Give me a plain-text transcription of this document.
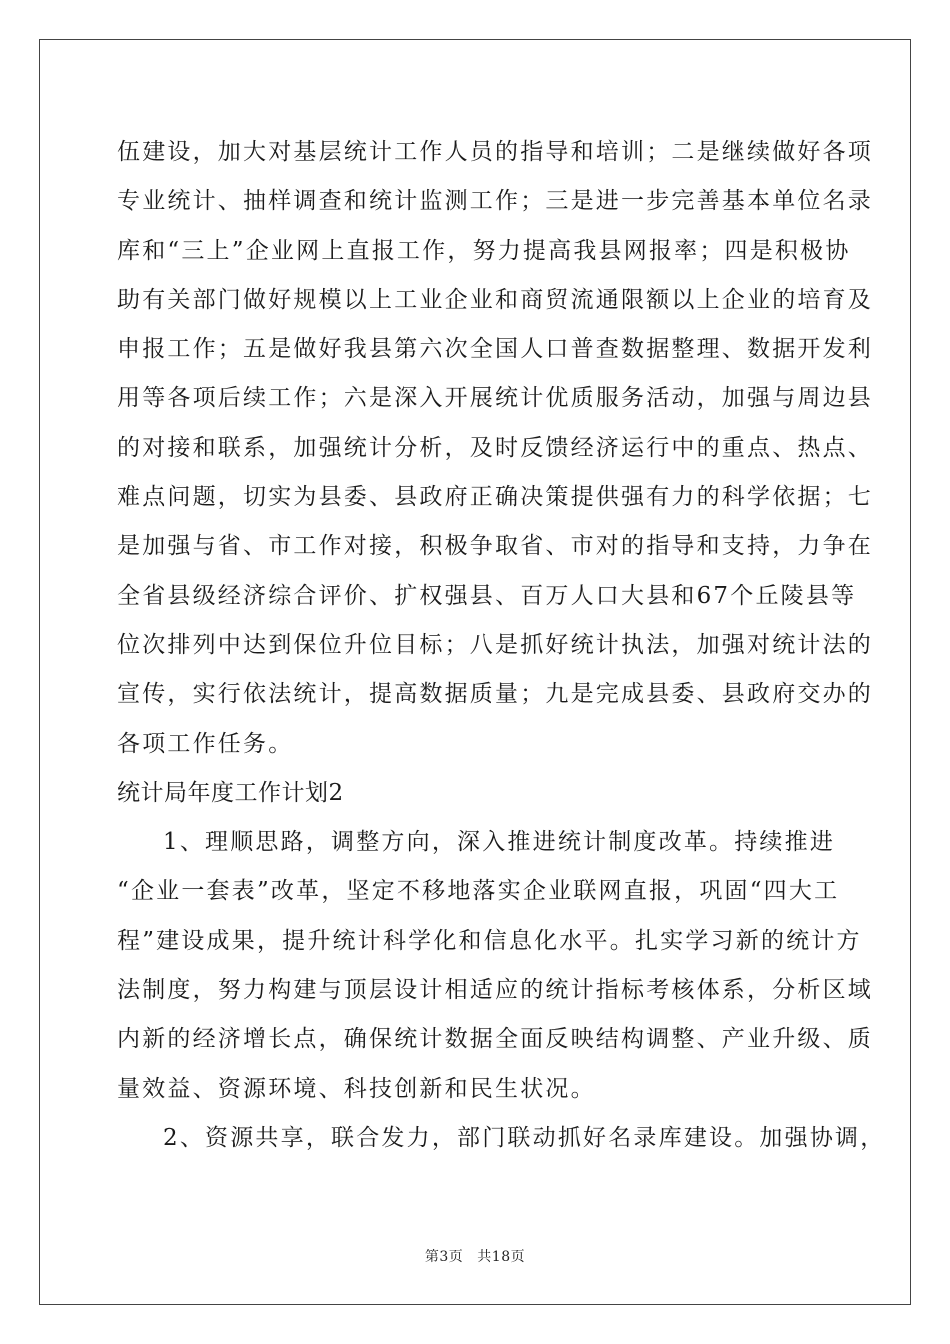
伍建设，加大对基层统计工作人员的指导和培训；二是继续做好各项
专业统计、抽样调查和统计监测工作；三是进一步完善基本单位名录
库和“三上”企业网上直报工作，努力提高我县网报率；四是积极协
助有关部门做好规模以上工业企业和商贸流通限额以上企业的培育及
申报工作；五是做好我县第六次全国人口普查数据整理、数据开发利
用等各项后续工作；六是深入开展统计优质服务活动，加强与周边县
的对接和联系，加强统计分析，及时反馈经济运行中的重点、热点、
难点问题，切实为县委、县政府正确决策提供强有力的科学依据；七
是加强与省、市工作对接，积极争取省、市对的指导和支持，力争在
全省县级经济综合评价、扩权强县、百万人口大县和67个丘陵县等
位次排列中达到保位升位目标；八是抓好统计执法，加强对统计法的
宣传，实行依法统计，提高数据质量；九是完成县委、县政府交办的
各项工作任务。
统计局年度工作计划2
1、理顺思路，调整方向，深入推进统计制度改革。持续推进
“企业一套表”改革，坚定不移地落实企业联网直报，巩固“四大工
程”建设成果，提升统计科学化和信息化水平。扎实学习新的统计方
法制度，努力构建与顶层设计相适应的统计指标考核体系，分析区域
内新的经济增长点，确保统计数据全面反映结构调整、产业升级、质
量效益、资源环境、科技创新和民生状况。
2、资源共享，联合发力，部门联动抓好名录库建设。加强协调，
第3页 共18页
